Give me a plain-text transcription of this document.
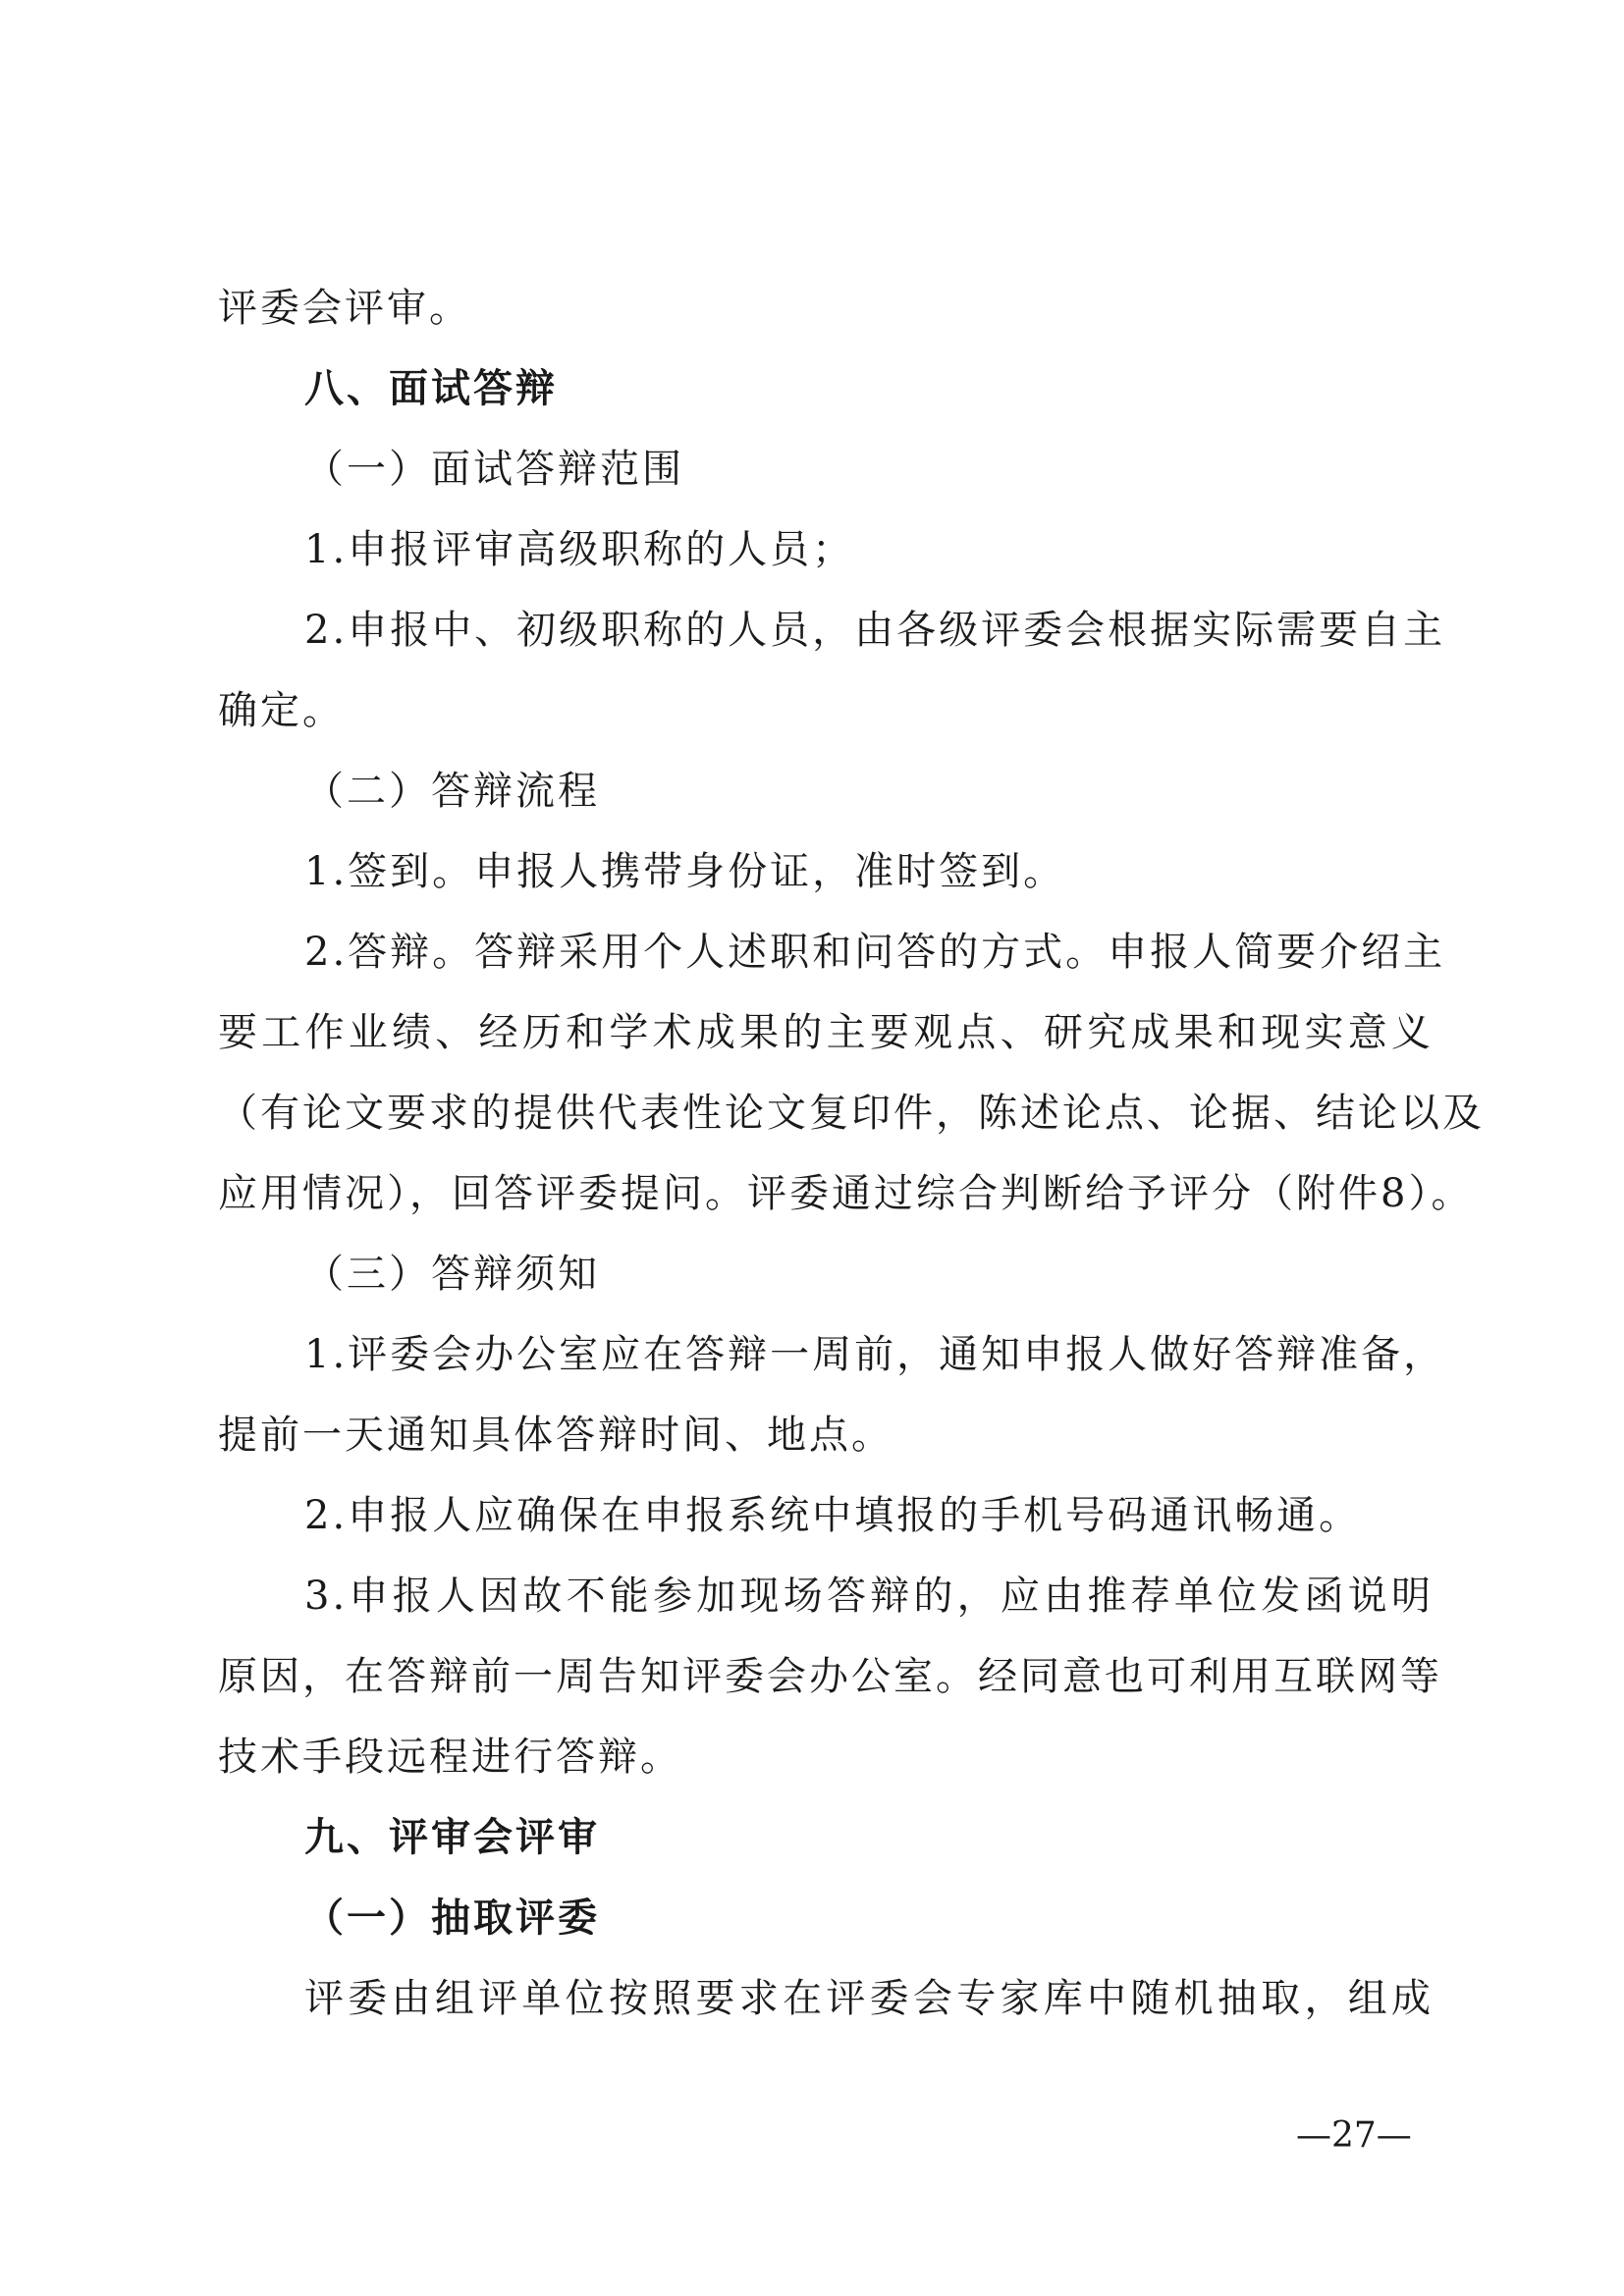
评委会评审。
八、面试答辩
（一）面试答辩范围
1.申报评审高级职称的人员；
2.申报中、初级职称的人员，由各级评委会根据实际需要自主
确定。
（二）答辩流程
1.签到。申报人携带身份证，准时签到。
2.答辩。答辩采用个人述职和问答的方式。申报人简要介绍主
要工作业绩、经历和学术成果的主要观点、研究成果和现实意义
（有论文要求的提供代表性论文复印件，陈述论点、论据、结论以及
应用情况），回答评委提问。评委通过综合判断给予评分（附件8）。
（三）答辩须知
1.评委会办公室应在答辩一周前，通知申报人做好答辩准备，
提前一天通知具体答辩时间、地点。
2.申报人应确保在申报系统中填报的手机号码通讯畅通。
3.申报人因故不能参加现场答辩的，应由推荐单位发函说明
原因，在答辩前一周告知评委会办公室。经同意也可利用互联网等
技术手段远程进行答辩。
九、评审会评审
（一）抽取评委
评委由组评单位按照要求在评委会专家库中随机抽取，组成
—27—
